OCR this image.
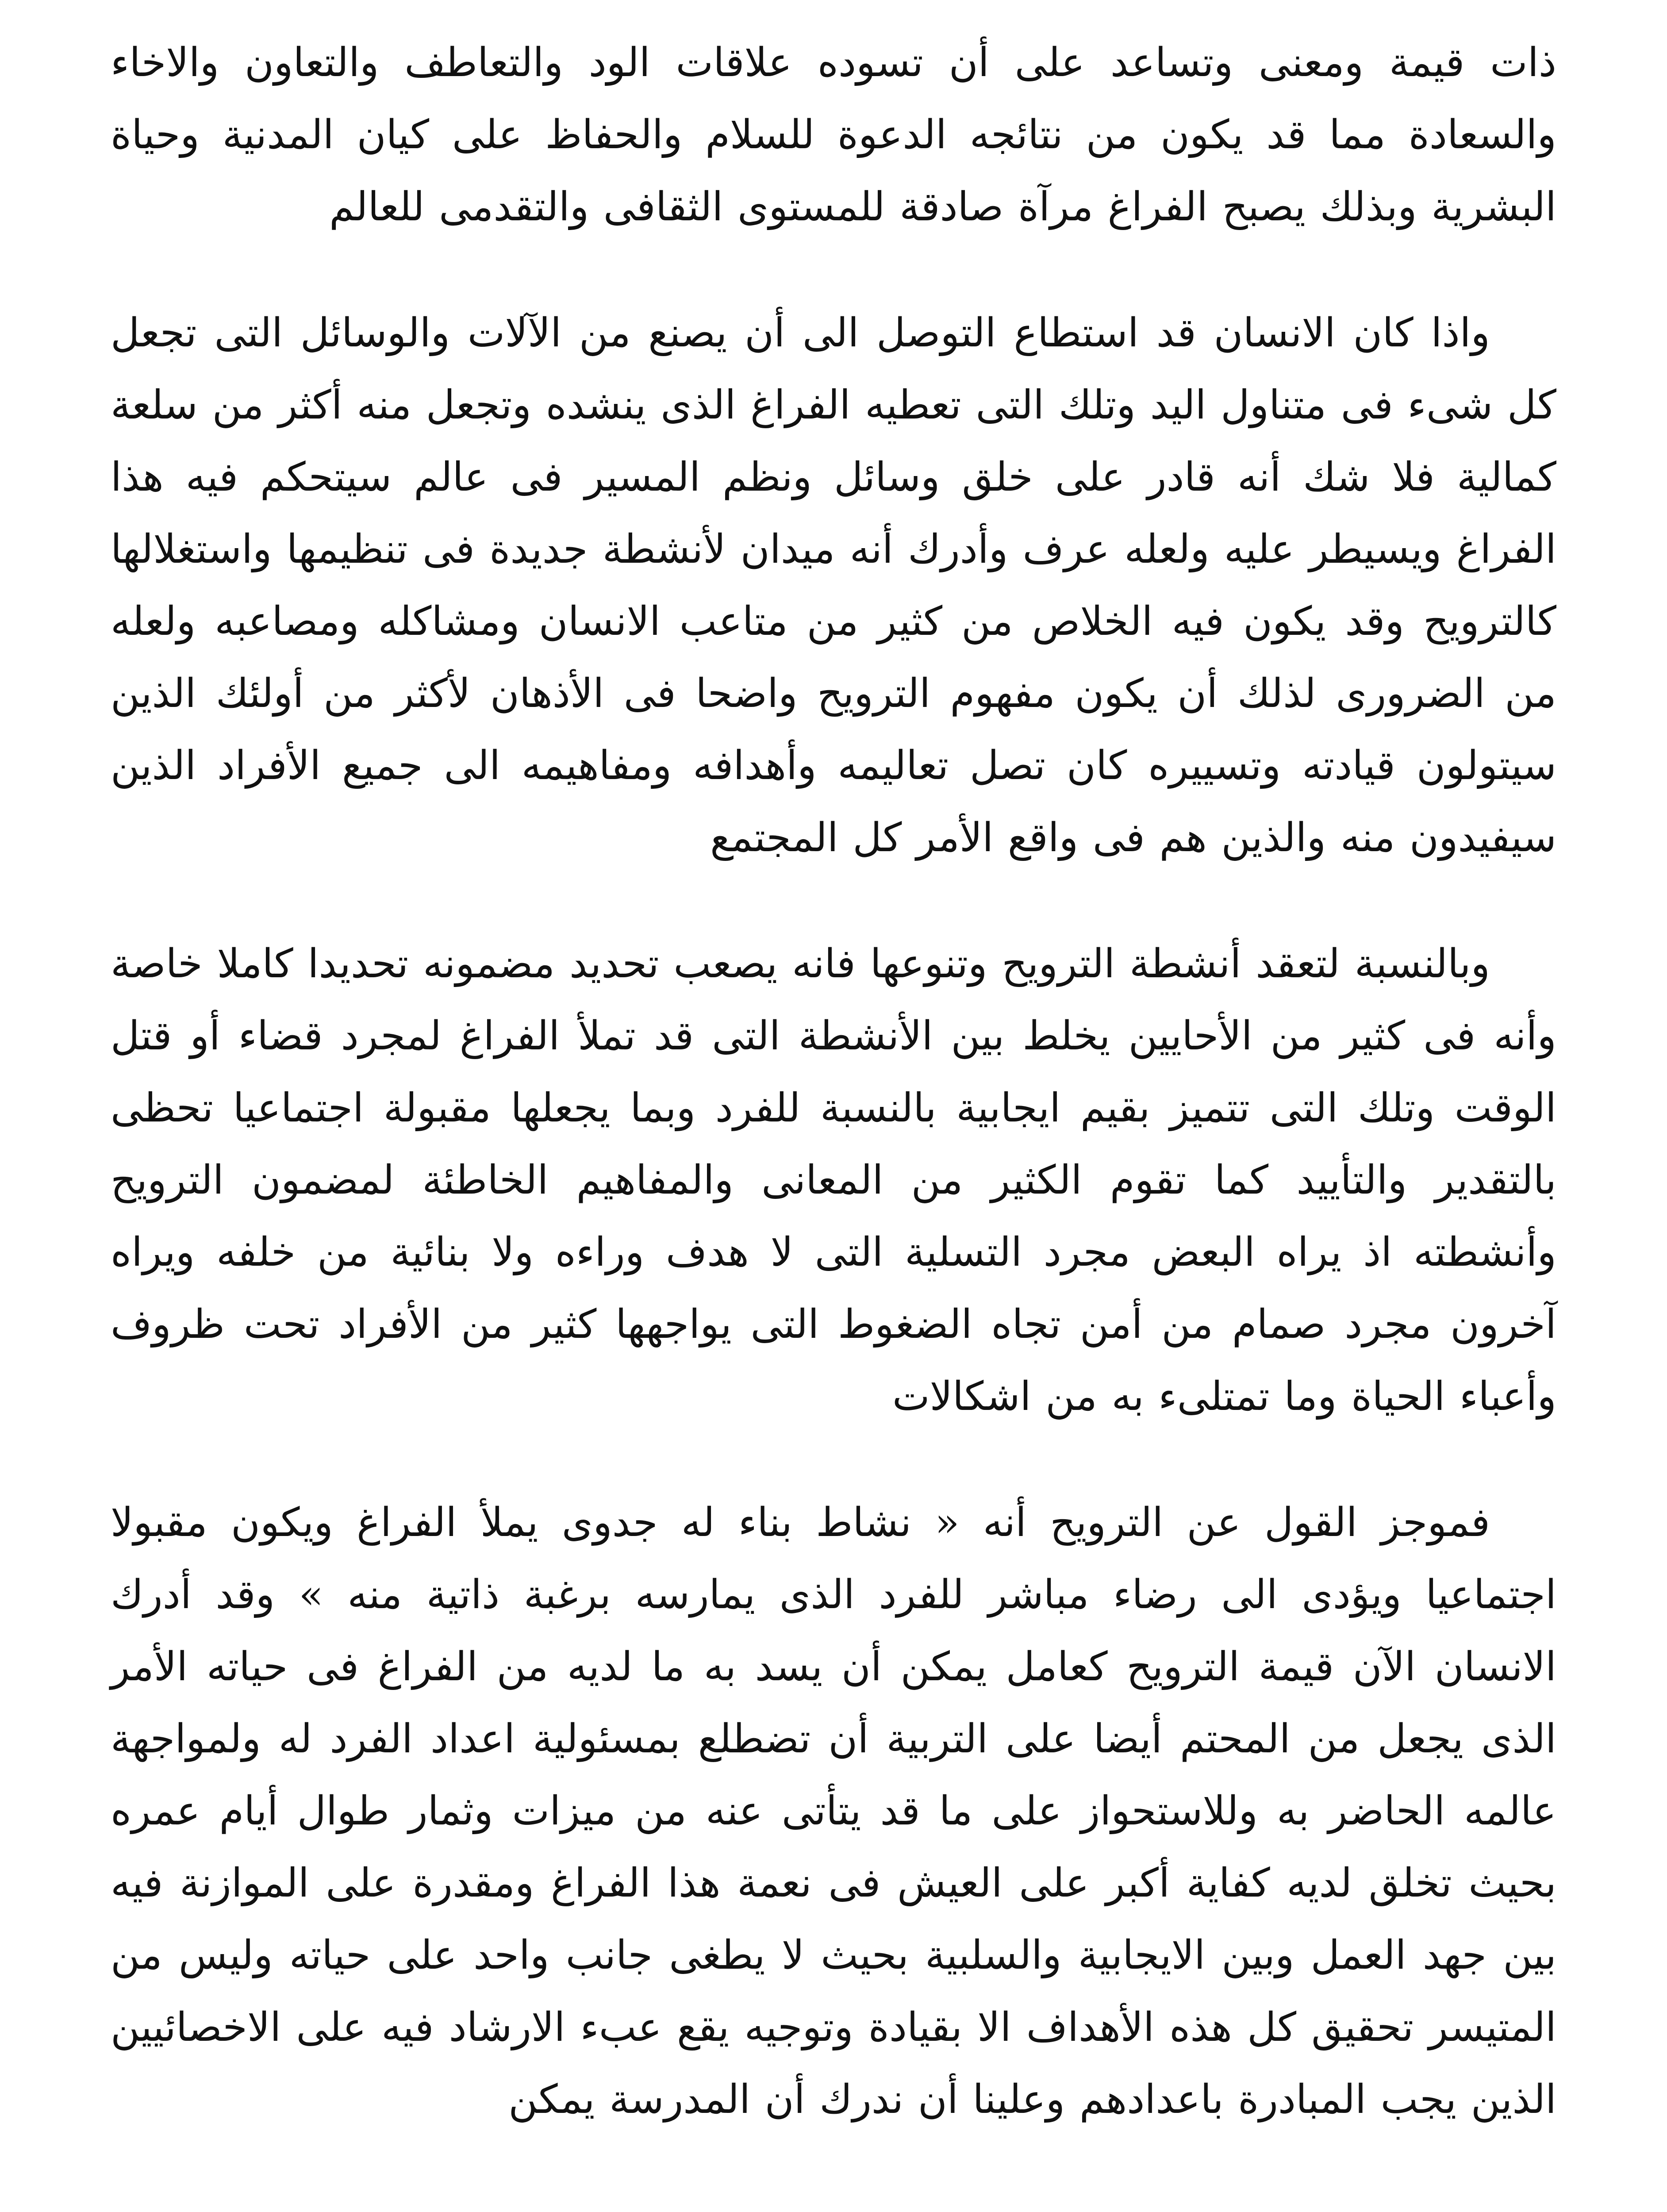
ذات قيمة ومعنى وتساعد على أن تسوده علاقات الود والتعاطف والتعاون والاخاء والسعادة مما قد يكون من نتائجه الدعوة للسلام والحفاظ على كيان المدنية وحياة البشرية وبذلك يصبح الفراغ مرآة صادقة للمستوى الثقافى والتقدمى للعالم

واذا كان الانسان قد استطاع التوصل الى أن يصنع من الآلات والوسائل التى تجعل كل شىء فى متناول اليد وتلك التى تعطيه الفراغ الذى ينشده وتجعل منه أكثر من سلعة كمالية فلا شك أنه قادر على خلق وسائل ونظم المسير فى عالم سيتحكم فيه هذا الفراغ ويسيطر عليه ولعله عرف وأدرك أنه ميدان لأنشطة جديدة فى تنظيمها واستغلالها كالترويح وقد يكون فيه الخلاص من كثير من متاعب الانسان ومشاكله ومصاعبه ولعله من الضرورى لذلك أن يكون مفهوم الترويح واضحا فى الأذهان لأكثر من أولئك الذين سيتولون قيادته وتسييره كان تصل تعاليمه وأهدافه ومفاهيمه الى جميع الأفراد الذين سيفيدون منه والذين هم فى واقع الأمر كل المجتمع

وبالنسبة لتعقد أنشطة الترويح وتنوعها فانه يصعب تحديد مضمونه تحديدا كاملا خاصة وأنه فى كثير من الأحايين يخلط بين الأنشطة التى قد تملأ الفراغ لمجرد قضاء أو قتل الوقت وتلك التى تتميز بقيم ايجابية بالنسبة للفرد وبما يجعلها مقبولة اجتماعيا تحظى بالتقدير والتأييد كما تقوم الكثير من المعانى والمفاهيم الخاطئة لمضمون الترويح وأنشطته اذ يراه البعض مجرد التسلية التى لا هدف وراءه ولا بنائية من خلفه ويراه آخرون مجرد صمام من أمن تجاه الضغوط التى يواجهها كثير من الأفراد تحت ظروف وأعباء الحياة وما تمتلىء به من اشكالات

فموجز القول عن الترويح أنه « نشاط بناء له جدوى يملأ الفراغ ويكون مقبولا اجتماعيا ويؤدى الى رضاء مباشر للفرد الذى يمارسه برغبة ذاتية منه » وقد أدرك الانسان الآن قيمة الترويح كعامل يمكن أن يسد به ما لديه من الفراغ فى حياته الأمر الذى يجعل من المحتم أيضا على التربية أن تضطلع بمسئولية اعداد الفرد له ولمواجهة عالمه الحاضر به وللاستحواز على ما قد يتأتى عنه من ميزات وثمار طوال أيام عمره بحيث تخلق لديه كفاية أكبر على العيش فى نعمة هذا الفراغ ومقدرة على الموازنة فيه بين جهد العمل وبين الايجابية والسلبية بحيث لا يطغى جانب واحد على حياته وليس من المتيسر تحقيق كل هذه الأهداف الا بقيادة وتوجيه يقع عبء الارشاد فيه على الاخصائيين الذين يجب المبادرة باعدادهم وعلينا أن ندرك أن المدرسة يمكن
